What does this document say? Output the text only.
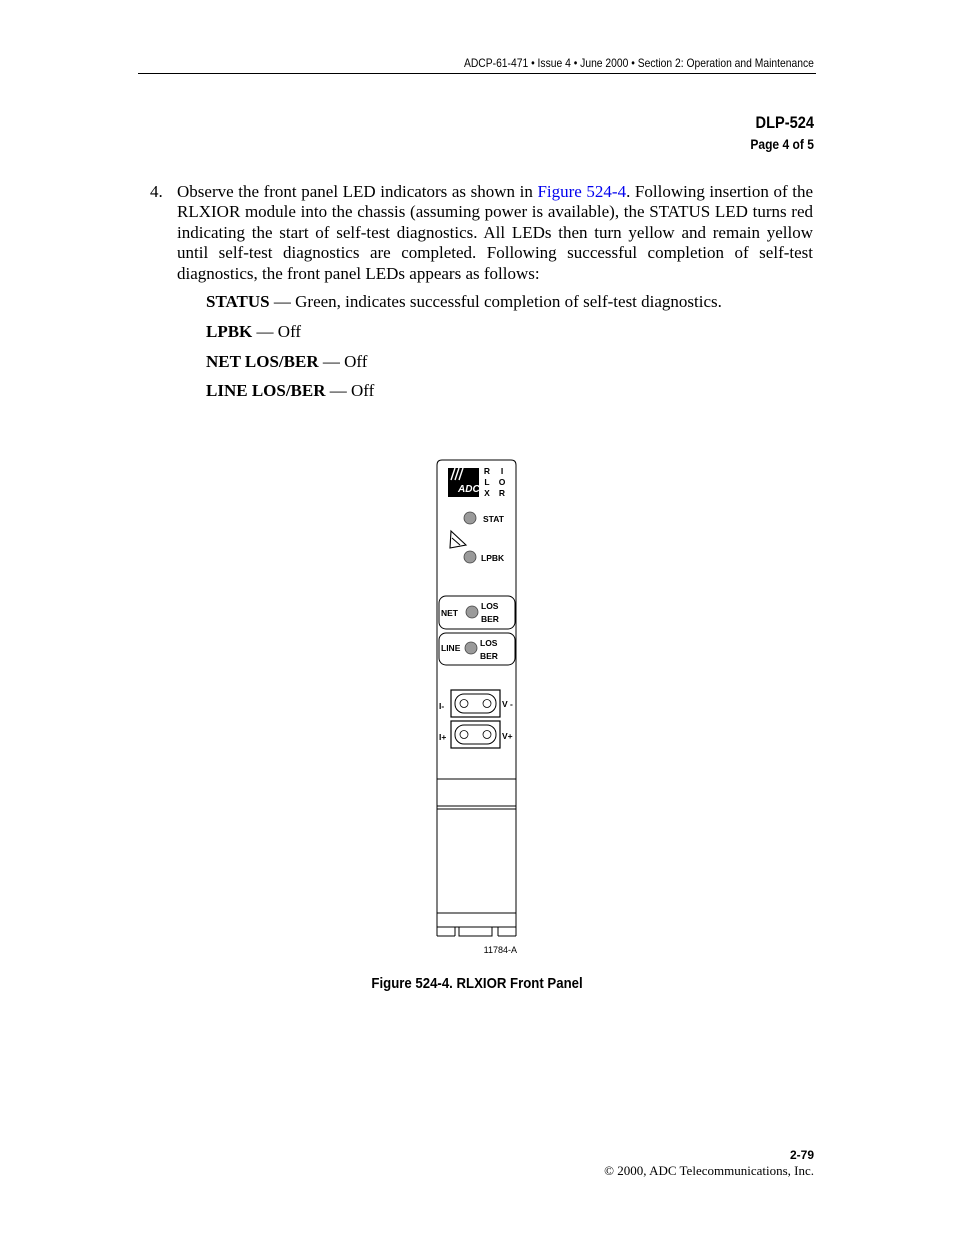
ADCP-61-471 • Issue 4 • June 2000 • Section 2: Operation and Maintenance
DLP-524
Page 4 of 5
4. Observe the front panel LED indicators as shown in Figure 524-4. Following insertion of the RLXIOR module into the chassis (assuming power is available), the STATUS LED turns red indicating the start of self-test diagnostics. All LEDs then turn yellow and remain yellow until self-test diagnostics are completed. Following successful completion of self-test diagnostics, the front panel LEDs appears as follows:
STATUS — Green, indicates successful completion of self-test diagnostics.
LPBK — Off
NET LOS/BER — Off
LINE LOS/BER — Off
ADC
R
L
X
I
O
R
STAT
LPBK
NET
LOS
BER
LINE LOS
BER
I-	V -
I+	V+
11784-A
Figure 524-4. RLXIOR Front Panel
2-79
© 2000, ADC Telecommunications, Inc.
